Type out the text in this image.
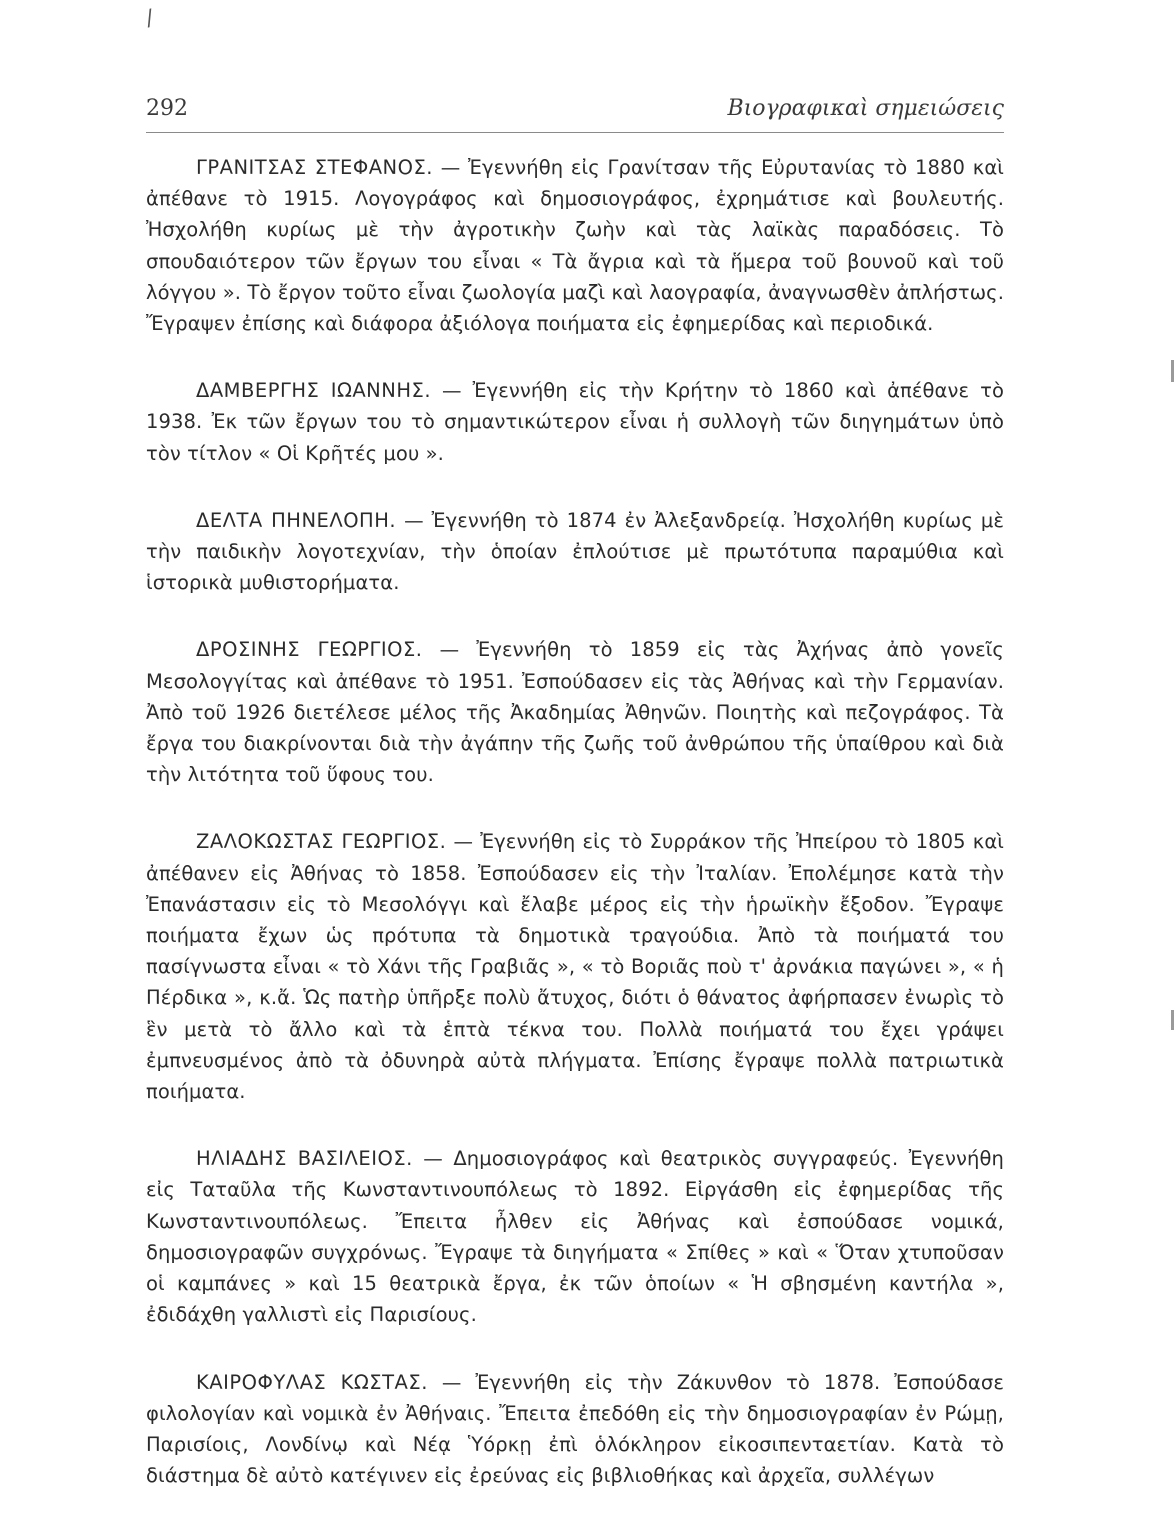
/
292	Βιογραφικαὶ σημειώσεις

ΓΡΑΝΙΤΣΑΣ ΣΤΕΦΑΝΟΣ. — Ἐγεννήθη εἰς Γρανίτσαν τῆς Εὐρυτανίας τὸ 1880 καὶ ἀπέθανε τὸ 1915. Λογογράφος καὶ δημοσιογράφος, ἐχρημάτισε καὶ βουλευτής. Ἠσχολήθη κυρίως μὲ τὴν ἀγροτικὴν ζωὴν καὶ τὰς λαϊκὰς παραδόσεις. Τὸ σπουδαιότερον τῶν ἔργων του εἶναι « Τὰ ἄγρια καὶ τὰ ἥμερα τοῦ βουνοῦ καὶ τοῦ λόγγου ». Τὸ ἔργον τοῦτο εἶναι ζωολογία μαζὶ καὶ λαογραφία, ἀναγνωσθὲν ἀπλήστως. Ἔγραψεν ἐπίσης καὶ διάφορα ἀξιόλογα ποιήματα εἰς ἐφημερίδας καὶ περιοδικά.

ΔΑΜΒΕΡΓΗΣ ΙΩΑΝΝΗΣ. — Ἐγεννήθη εἰς τὴν Κρήτην τὸ 1860 καὶ ἀπέθανε τὸ 1938. Ἐκ τῶν ἔργων του τὸ σημαντικώτερον εἶναι ἡ συλλογὴ τῶν διηγημάτων ὑπὸ τὸν τίτλον « Οἱ Κρῆτές μου ».

ΔΕΛΤΑ ΠΗΝΕΛΟΠΗ. — Ἐγεννήθη τὸ 1874 ἐν Ἀλεξανδρείᾳ. Ἠσχολήθη κυρίως μὲ τὴν παιδικὴν λογοτεχνίαν, τὴν ὁποίαν ἐπλούτισε μὲ πρωτότυπα παραμύθια καὶ ἱστορικὰ μυθιστορήματα.

ΔΡΟΣΙΝΗΣ ΓΕΩΡΓΙΟΣ. — Ἐγεννήθη τὸ 1859 εἰς τὰς Ἀχήνας ἀπὸ γονεῖς Μεσολογγίτας καὶ ἀπέθανε τὸ 1951. Ἐσπούδασεν εἰς τὰς Ἀθήνας καὶ τὴν Γερμανίαν. Ἀπὸ τοῦ 1926 διετέλεσε μέλος τῆς Ἀκαδημίας Ἀθηνῶν. Ποιητὴς καὶ πεζογράφος. Τὰ ἔργα του διακρίνονται διὰ τὴν ἀγάπην τῆς ζωῆς τοῦ ἀνθρώπου τῆς ὑπαίθρου καὶ διὰ τὴν λιτότητα τοῦ ὕφους του.

ΖΑΛΟΚΩΣΤΑΣ ΓΕΩΡΓΙΟΣ. — Ἐγεννήθη εἰς τὸ Συρράκον τῆς Ἠπείρου τὸ 1805 καὶ ἀπέθανεν εἰς Ἀθήνας τὸ 1858. Ἐσπούδασεν εἰς τὴν Ἰταλίαν. Ἐπολέμησε κατὰ τὴν Ἐπανάστασιν εἰς τὸ Μεσολόγγι καὶ ἔλαβε μέρος εἰς τὴν ἡρωϊκὴν ἔξοδον. Ἔγραψε ποιήματα ἔχων ὡς πρότυπα τὰ δημοτικὰ τραγούδια. Ἀπὸ τὰ ποιήματά του πασίγνωστα εἶναι « τὸ Χάνι τῆς Γραβιᾶς », « τὸ Βοριᾶς ποὺ τ' ἀρνάκια παγώνει », « ἡ Πέρδικα », κ.ἄ. Ὡς πατὴρ ὑπῆρξε πολὺ ἄτυχος, διότι ὁ θάνατος ἀφήρπασεν ἐνωρὶς τὸ ἓν μετὰ τὸ ἄλλο καὶ τὰ ἑπτὰ τέκνα του. Πολλὰ ποιήματά του ἔχει γράψει ἐμπνευσμένος ἀπὸ τὰ ὀδυνηρὰ αὐτὰ πλήγματα. Ἐπίσης ἔγραψε πολλὰ πατριωτικὰ ποιήματα.

ΗΛΙΑΔΗΣ ΒΑΣΙΛΕΙΟΣ. — Δημοσιογράφος καὶ θεατρικὸς συγγραφεύς. Ἐγεννήθη εἰς Ταταῦλα τῆς Κωνσταντινουπόλεως τὸ 1892. Εἰργάσθη εἰς ἐφημερίδας τῆς Κωνσταντινουπόλεως. Ἔπειτα ἦλθεν εἰς Ἀθήνας καὶ ἐσπούδασε νομικά, δημοσιογραφῶν συγχρόνως. Ἔγραψε τὰ διηγήματα « Σπίθες » καὶ « Ὅταν χτυποῦσαν οἱ καμπάνες » καὶ 15 θεατρικὰ ἔργα, ἐκ τῶν ὁποίων « Ἡ σβησμένη καντήλα », ἐδιδάχθη γαλλιστὶ εἰς Παρισίους.

ΚΑΙΡΟΦΥΛΑΣ ΚΩΣΤΑΣ. — Ἐγεννήθη εἰς τὴν Ζάκυνθον τὸ 1878. Ἐσπούδασε φιλολογίαν καὶ νομικὰ ἐν Ἀθήναις. Ἔπειτα ἐπεδόθη εἰς τὴν δημοσιογραφίαν ἐν Ρώμῃ, Παρισίοις, Λονδίνῳ καὶ Νέᾳ Ὑόρκῃ ἐπὶ ὁλόκληρον εἰκοσιπενταετίαν. Κατὰ τὸ διάστημα δὲ αὐτὸ κατέγινεν εἰς ἐρεύνας εἰς βιβλιοθήκας καὶ ἀρχεῖα, συλλέγων
